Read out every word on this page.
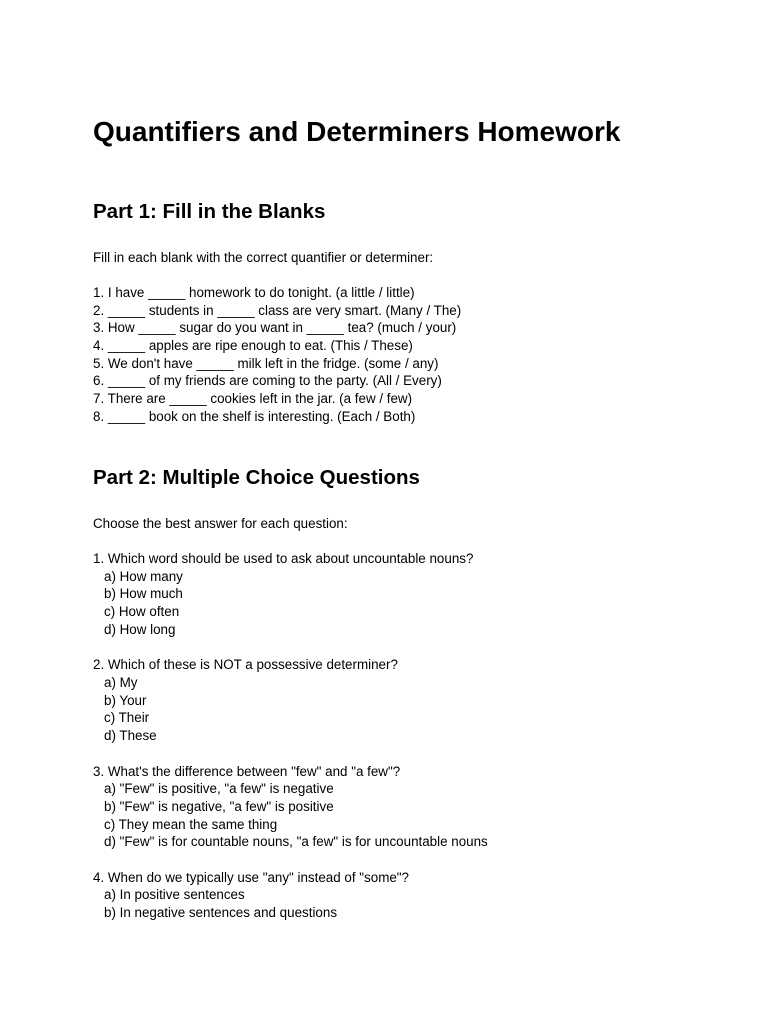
Quantifiers and Determiners Homework
Part 1: Fill in the Blanks

Fill in each blank with the correct quantifier or determiner:

1. I have _____ homework to do tonight. (a little / little)

2. _____ students in _____ class are very smart. (Many / The)

3. How _____ sugar do you want in _____ tea? (much / your)

4. _____ apples are ripe enough to eat. (This / These)

5. We don't have _____ milk left in the fridge. (some / any)

6. _____ of my friends are coming to the party. (All / Every)

7. There are _____ cookies left in the jar. (a few / few)

8. _____ book on the shelf is interesting. (Each / Both)

Part 2: Multiple Choice Questions

Choose the best answer for each question:

1. Which word should be used to ask about uncountable nouns?

a) How many

b) How much

c) How often

d) How long

2. Which of these is NOT a possessive determiner?

a) My

b) Your

c) Their

d) These

3. What's the difference between "few" and "a few"?

a) "Few" is positive, "a few" is negative

b) "Few" is negative, "a few" is positive

c) They mean the same thing

d) "Few" is for countable nouns, "a few" is for uncountable nouns

4. When do we typically use "any" instead of "some"?

a) In positive sentences

b) In negative sentences and questions
